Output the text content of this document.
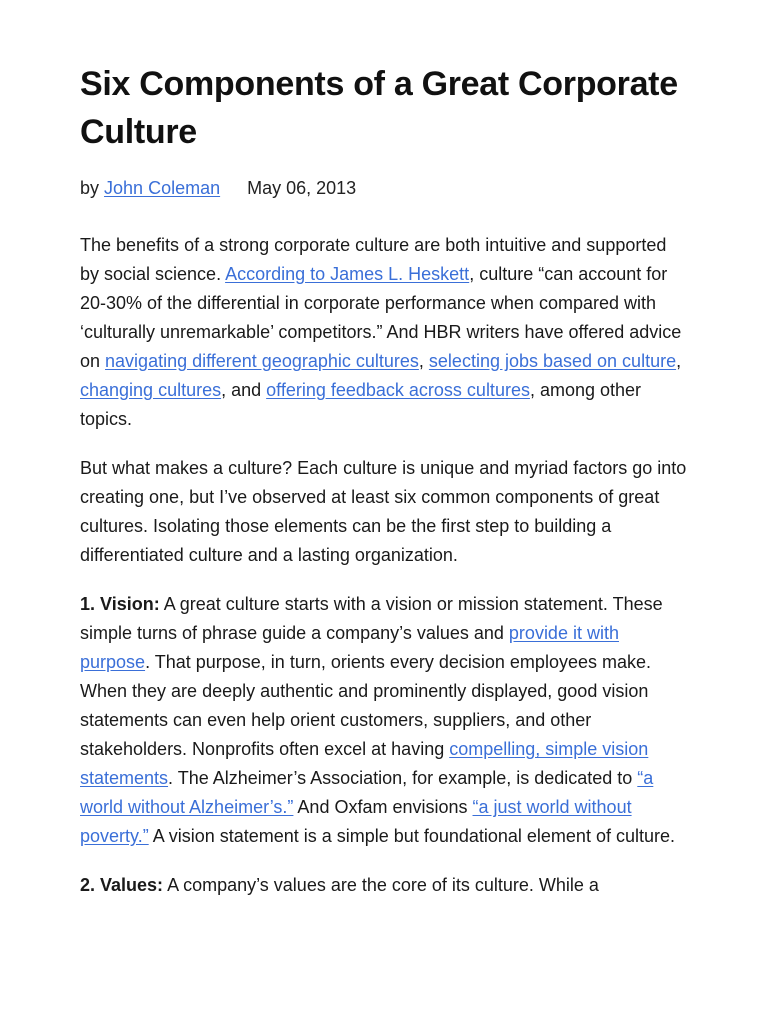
Six Components of a Great Corporate Culture
by John Coleman May 06, 2013

The benefits of a strong corporate culture are both intuitive and supported by social science. According to James L. Heskett, culture “can account for 20-30% of the differential in corporate performance when compared with ‘culturally unremarkable’ competitors.” And HBR writers have offered advice on navigating different geographic cultures, selecting jobs based on culture, changing cultures, and offering feedback across cultures, among other topics.

But what makes a culture? Each culture is unique and myriad factors go into creating one, but I’ve observed at least six common components of great cultures. Isolating those elements can be the first step to building a differentiated culture and a lasting organization.

1. Vision: A great culture starts with a vision or mission statement. These simple turns of phrase guide a company’s values and provide it with purpose. That purpose, in turn, orients every decision employees make. When they are deeply authentic and prominently displayed, good vision statements can even help orient customers, suppliers, and other stakeholders. Nonprofits often excel at having compelling, simple vision statements. The Alzheimer’s Association, for example, is dedicated to “a world without Alzheimer’s.” And Oxfam envisions “a just world without poverty.” A vision statement is a simple but foundational element of culture.

2. Values: A company’s values are the core of its culture. While a
